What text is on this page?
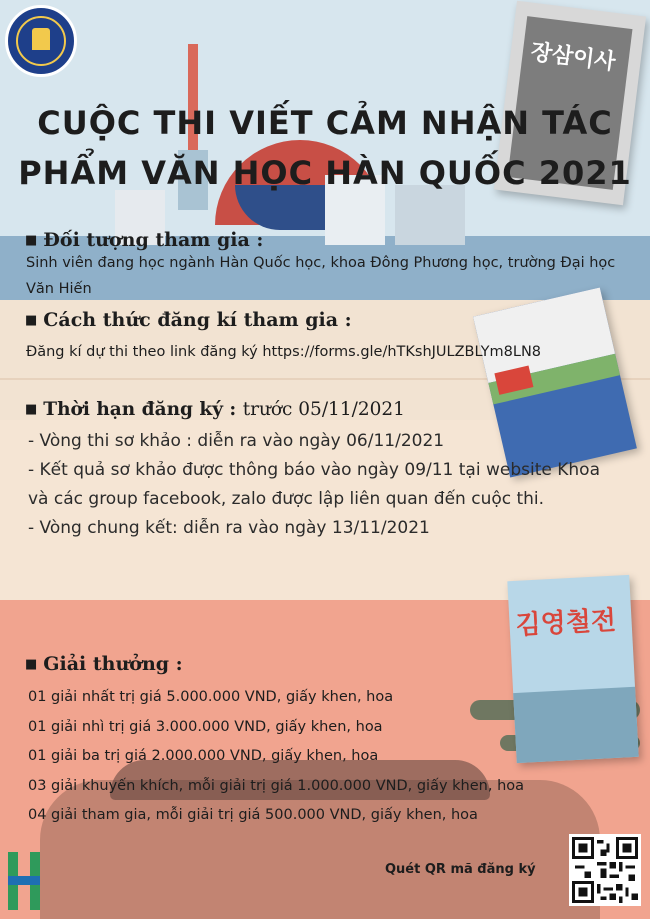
장삼이사
김영철전
CUỘC THI VIẾT CẢM NHẬN TÁC
PHẨM VĂN HỌC HÀN QUỐC 2021
■ Đối tượng tham gia :

Sinh viên đang học ngành Hàn Quốc học, khoa Đông Phương học, trường Đại học Văn Hiến

■ Cách thức đăng kí tham gia :

Đăng kí dự thi theo link đăng ký https://forms.gle/hTKshJULZBLYm8LN8

■ Thời hạn đăng ký : trước 05/11/2021
- Vòng thi sơ khảo : diễn ra vào ngày 06/11/2021
- Kết quả sơ khảo được thông báo vào ngày 09/11 tại website Khoa và các group facebook, zalo được lập liên quan đến cuộc thi.
- Vòng chung kết: diễn ra vào ngày 13/11/2021
■ Giải thưởng :
01 giải nhất trị giá 5.000.000 VND, giấy khen, hoa
01 giải nhì trị giá 3.000.000 VND, giấy khen, hoa
01 giải ba trị giá 2.000.000 VND, giấy khen, hoa
03 giải khuyến khích, mỗi giải trị giá 1.000.000 VND, giấy khen, hoa
04 giải tham gia, mỗi giải trị giá 500.000 VND, giấy khen, hoa

Quét QR mã đăng ký
